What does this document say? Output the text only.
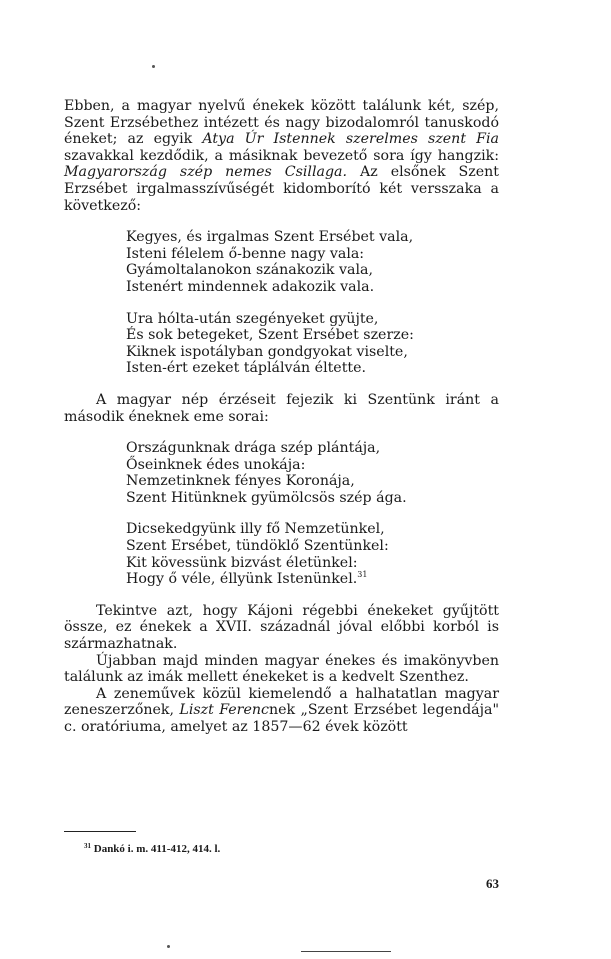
Ebben, a magyar nyelvű énekek között találunk két, szép, Szent Erzsébethez intézett és nagy bizodalomról tanuskodó éneket; az egyik Atya Úr Istennek szerelmes szent Fia szavakkal kezdődik, a másiknak bevezető sora így hangzik: Magyarország szép nemes Csillaga. Az elsőnek Szent Erzsébet irgalmasszívűségét kidomborító két versszaka a következő:

Kegyes, és irgalmas Szent Ersébet vala,
Isteni félelem ő-benne nagy vala:
Gyámoltalanokon szánakozik vala,
Istenért mindennek adakozik vala.
Ura hólta-után szegényeket gyüjte,
És sok betegeket, Szent Ersébet szerze:
Kiknek ispotályban gondgyokat viselte,
Isten-ért ezeket táplálván éltette.

A magyar nép érzéseit fejezik ki Szentünk iránt a második éneknek eme sorai:

Országunknak drága szép plántája,
Őseinknek édes unokája:
Nemzetinknek fényes Koronája,
Szent Hitünknek gyümölcsös szép ága.
Dicsekedgyünk illy fő Nemzetünkel,
Szent Ersébet, tündöklő Szentünkel:
Kit kövessünk bizvást életünkel:
Hogy ő véle, éllyünk Istenünkel.$^{31}$

Tekintve azt, hogy Kájoni régebbi énekeket gyűjtött össze, ez énekek a XVII. századnál jóval előbbi korból is származhatnak.

Újabban majd minden magyar énekes és imakönyvben találunk az imák mellett énekeket is a kedvelt Szenthez.

A zeneművek közül kiemelendő a halhatatlan magyar zeneszerzőnek, Liszt Ferencnek „Szent Erzsébet legendája" c. oratóriuma, amelyet az 1857—62 évek között

$^{31}$ Dankó i. m. 411-412, 414. l.
63
